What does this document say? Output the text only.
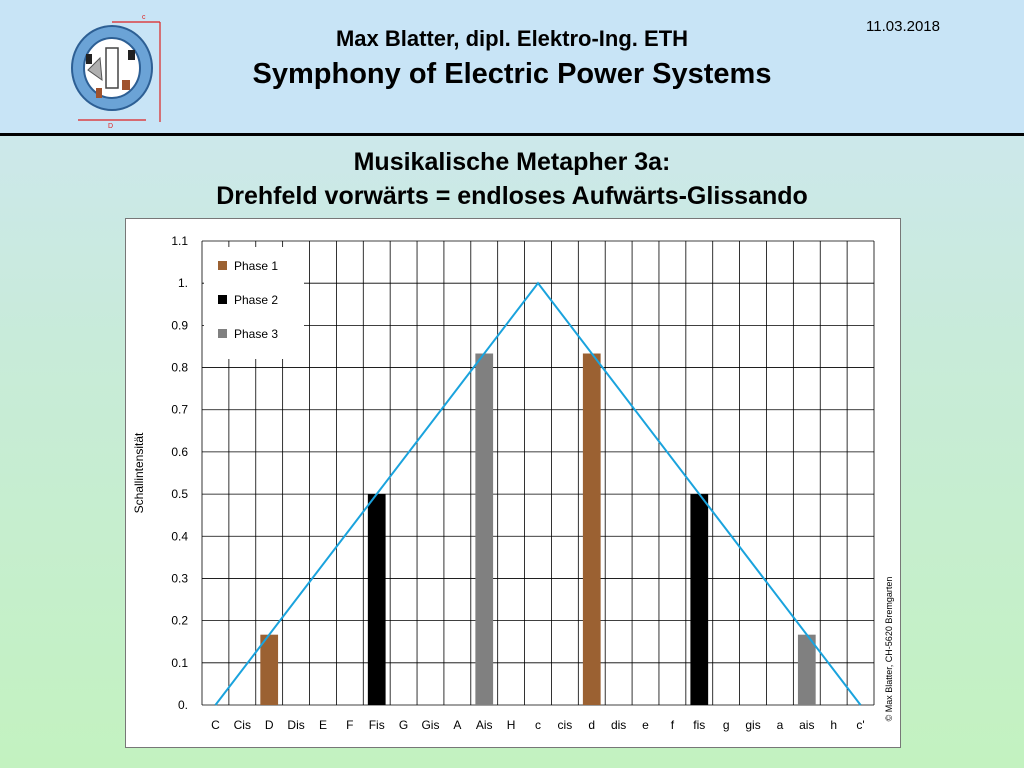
c
D
11.03.2018
Max Blatter, dipl. Elektro-Ing. ETH
Symphony of Electric Power Systems
Musikalische Metapher 3a:
Drehfeld vorwärts = endloses Aufwärts-Glissando
0.
0.1
0.2
0.3
0.4
0.5
0.6
0.7
0.8
0.9
1.
1.1
C Cis D Dis E F Fis G Gis A Ais H c cis d dis e f fis g gis a ais h c'
Schallintensität
Phase 1
Phase 2
Phase 3
© Max Blatter, CH-5620 Bremgarten
